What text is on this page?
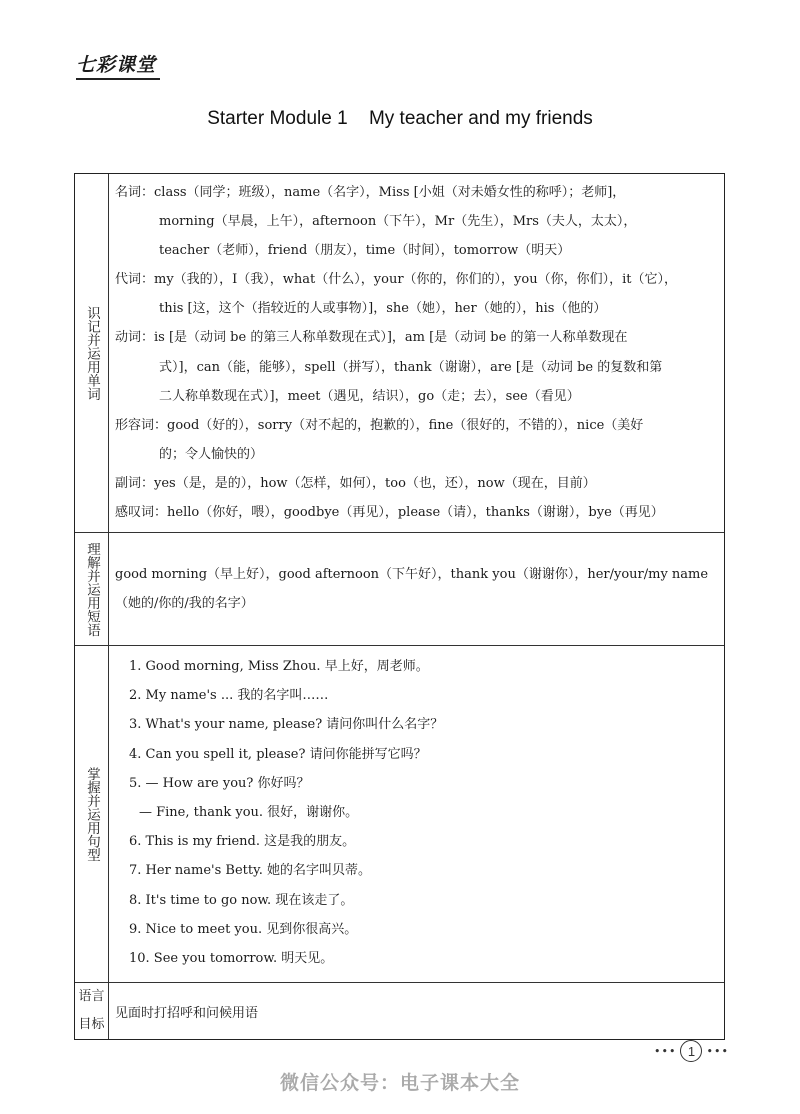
七彩课堂
Starter Module 1 My teacher and my friends
识记并运用单词
名词：class（同学；班级），name（名字），Miss [小姐（对未婚女性的称呼）；老师]，
morning（早晨，上午），afternoon（下午），Mr（先生），Mrs（夫人，太太），
teacher（老师），friend（朋友），time（时间），tomorrow（明天）
代词：my（我的），I（我），what（什么），your（你的，你们的），you（你，你们），it（它），
this [这，这个（指较近的人或事物）]，she（她），her（她的），his（他的）
动词：is [是（动词 be 的第三人称单数现在式）]，am [是（动词 be 的第一人称单数现在
式）]，can（能，能够），spell（拼写），thank（谢谢），are [是（动词 be 的复数和第
二人称单数现在式）]，meet（遇见，结识），go（走；去），see（看见）
形容词：good（好的），sorry（对不起的，抱歉的），fine（很好的，不错的），nice（美好
的；令人愉快的）
副词：yes（是，是的），how（怎样，如何），too（也，还），now（现在，目前）
感叹词：hello（你好，喂），goodbye（再见），please（请），thanks（谢谢），bye（再见）
理解并运用短语	good morning（早上好），good afternoon（下午好），thank you（谢谢你），her/your/my name（她的/你的/我的名字）
掌握并运用句型
1. Good morning, Miss Zhou. 早上好，周老师。
2. My name's ... 我的名字叫……
3. What's your name, please? 请问你叫什么名字？
4. Can you spell it, please? 请问你能拼写它吗？
5. — How are you? 你好吗？
— Fine, thank you. 很好，谢谢你。
6. This is my friend. 这是我的朋友。
7. Her name's Betty. 她的名字叫贝蒂。
8. It's time to go now. 现在该走了。
9. Nice to meet you. 见到你很高兴。
10. See you tomorrow. 明天见。
语言
目标
见面时打招呼和问候用语
••• 1	•••
微信公众号：电子课本大全
